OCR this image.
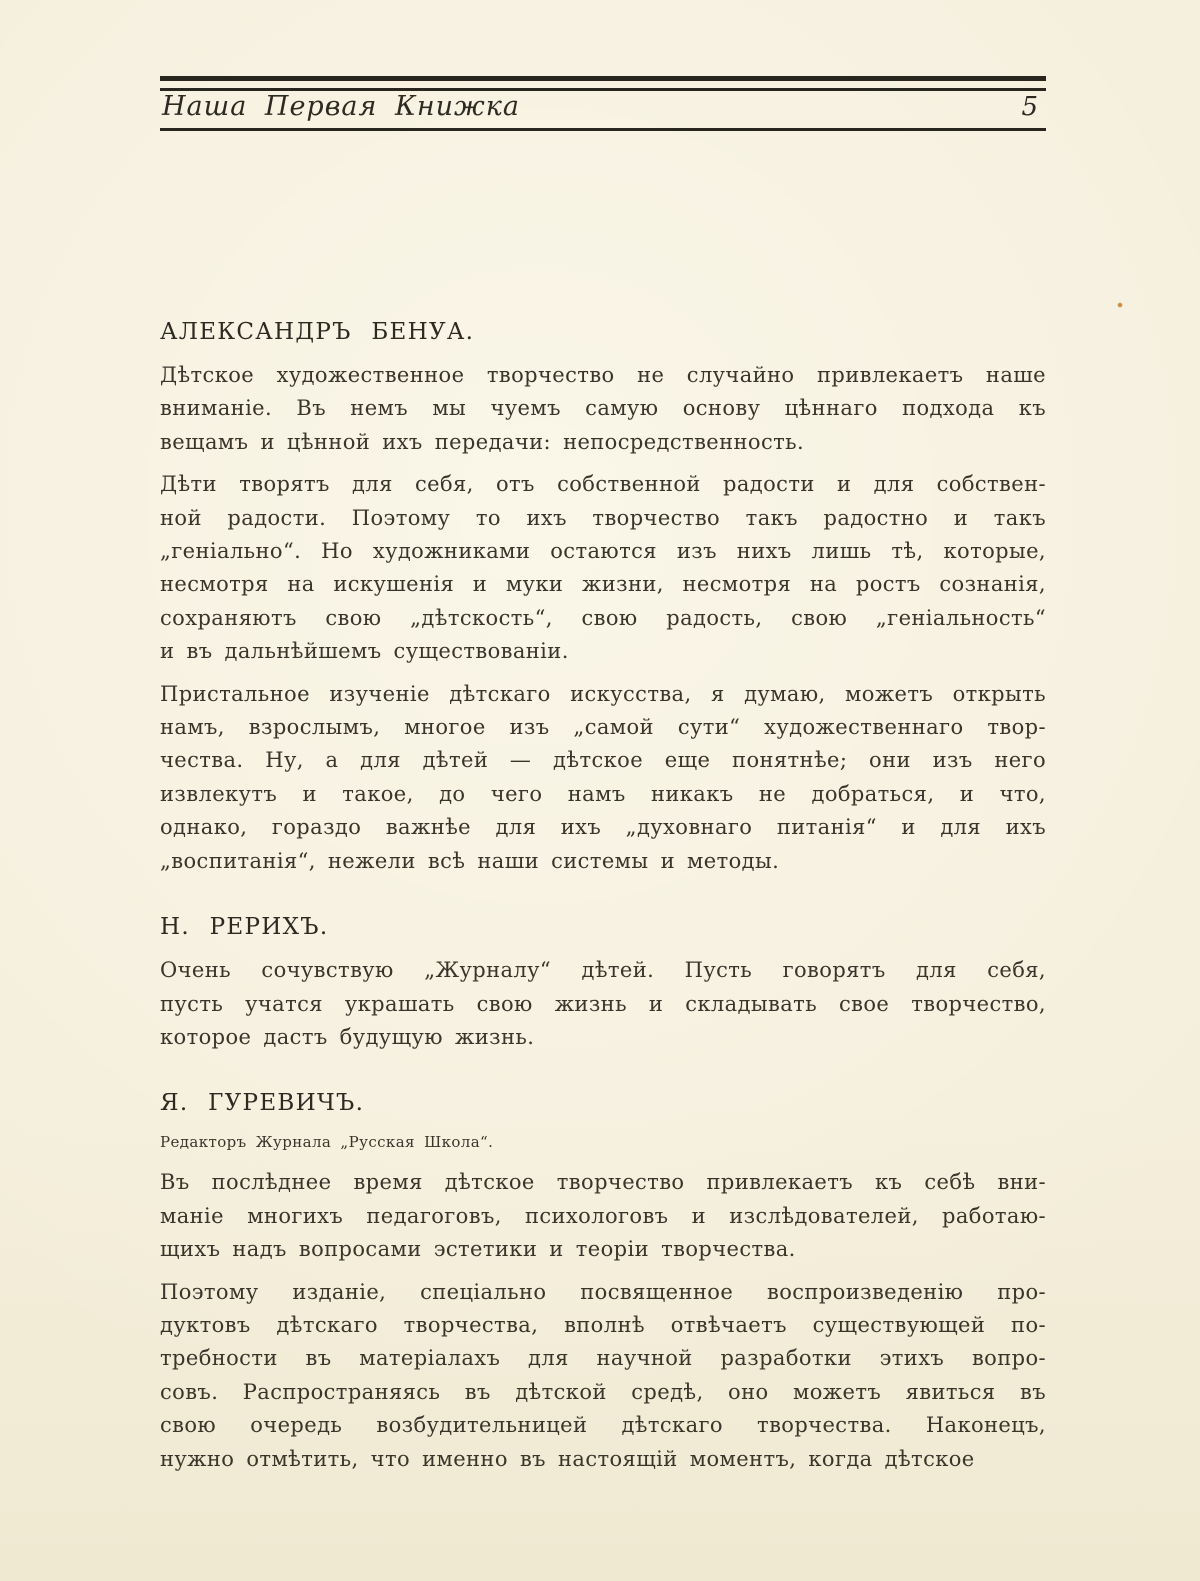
Наша Первая Книжка	5
АЛЕКСАНДРЪ БЕНУА.
Дѣтское художественное творчество не случайно привлекаетъ наше
вниманіе. Въ немъ мы чуемъ самую основу цѣннаго подхода къ
вещамъ и цѣнной ихъ передачи: непосредственность.
Дѣти творятъ для себя, отъ собственной радости и для собствен-
ной радости. Поэтому то ихъ творчество такъ радостно и такъ
„геніально“. Но художниками остаются изъ нихъ лишь тѣ, которые,
несмотря на искушенія и муки жизни, несмотря на ростъ сознанія,
сохраняютъ свою „дѣтскость“, свою радость, свою „геніальность“
и въ дальнѣйшемъ существованіи.
Пристальное изученіе дѣтскаго искусства, я думаю, можетъ открыть
намъ, взрослымъ, многое изъ „самой сути“ художественнаго твор-
чества. Ну, а для дѣтей — дѣтское еще понятнѣе; они изъ него
извлекутъ и такое, до чего намъ никакъ не добраться, и что,
однако, гораздо важнѣе для ихъ „духовнаго питанія“ и для ихъ
„воспитанія“, нежели всѣ наши системы и методы.
Н. РЕРИХЪ.
Очень сочувствую „Журналу“ дѣтей. Пусть говорятъ для себя,
пусть учатся украшать свою жизнь и складывать свое творчество,
которое дастъ будущую жизнь.
Я. ГУРЕВИЧЪ.
Редакторъ Журнала „Русская Школа“.
Въ послѣднее время дѣтское творчество привлекаетъ къ себѣ вни-
маніе многихъ педагоговъ, психологовъ и изслѣдователей, работаю-
щихъ надъ вопросами эстетики и теоріи творчества.
Поэтому изданіе, спеціально посвященное воспроизведенію про-
дуктовъ дѣтскаго творчества, вполнѣ отвѣчаетъ существующей по-
требности въ матеріалахъ для научной разработки этихъ вопро-
совъ. Распространяясь въ дѣтской средѣ, оно можетъ явиться въ
свою очередь возбудительницей дѣтскаго творчества. Наконецъ,
нужно отмѣтить, что именно въ настоящій моментъ, когда дѣтское
